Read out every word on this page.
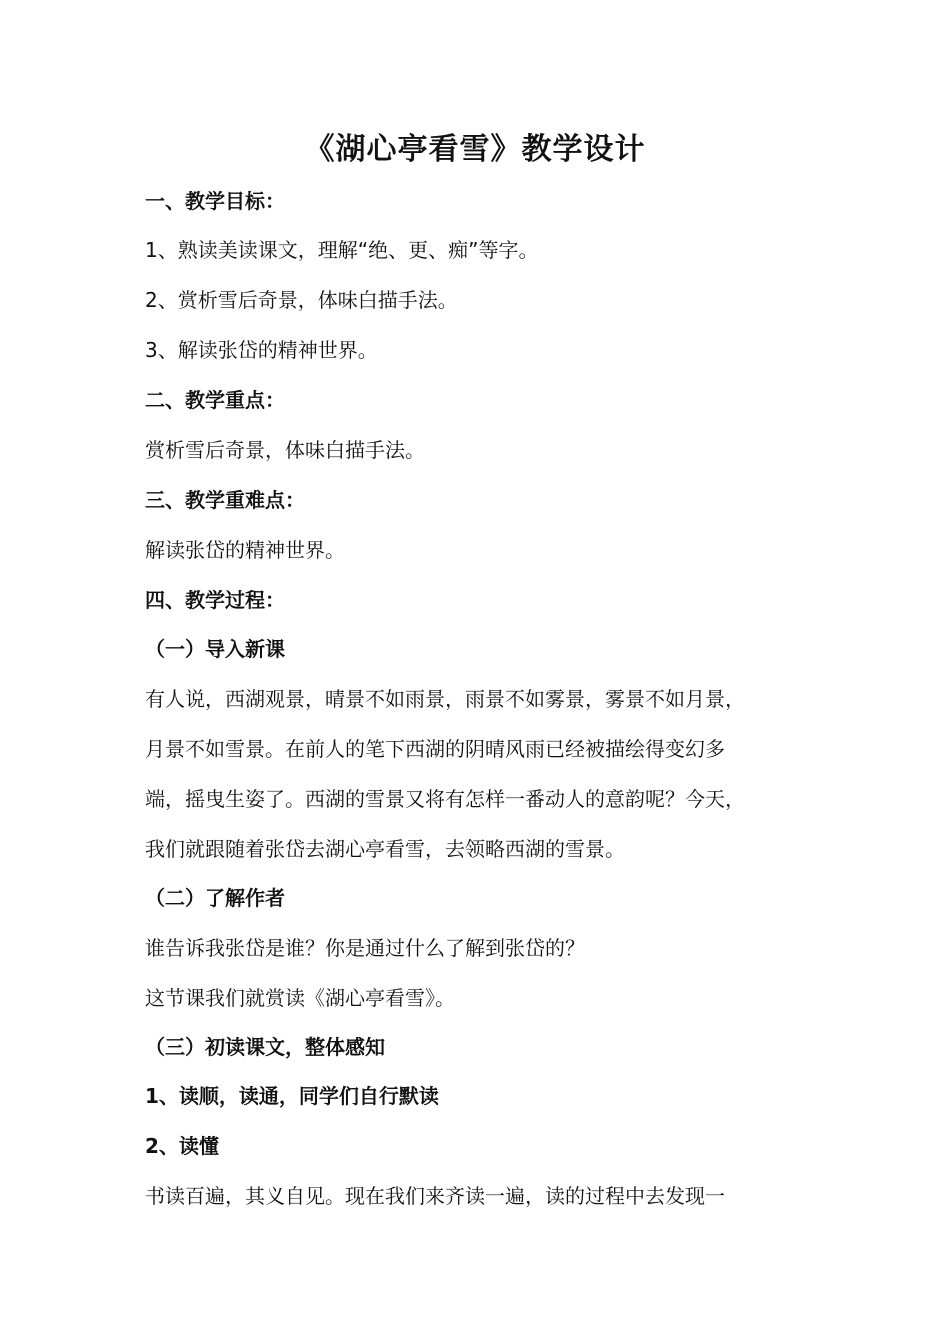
《湖心亭看雪》教学设计
一、教学目标：
1、熟读美读课文，理解“绝、更、痴”等字。
2、赏析雪后奇景，体味白描手法。
3、解读张岱的精神世界。
二、教学重点：
赏析雪后奇景，体味白描手法。
三、教学重难点：
解读张岱的精神世界。
四、教学过程：
（一）导入新课
有人说，西湖观景，晴景不如雨景，雨景不如雾景，雾景不如月景，
月景不如雪景。在前人的笔下西湖的阴晴风雨已经被描绘得变幻多
端，摇曳生姿了。西湖的雪景又将有怎样一番动人的意韵呢？今天，
我们就跟随着张岱去湖心亭看雪，去领略西湖的雪景。
（二）了解作者
谁告诉我张岱是谁？你是通过什么了解到张岱的？
这节课我们就赏读《湖心亭看雪》。
（三）初读课文，整体感知
1、读顺，读通，同学们自行默读
2、读懂
书读百遍，其义自见。现在我们来齐读一遍，读的过程中去发现一
